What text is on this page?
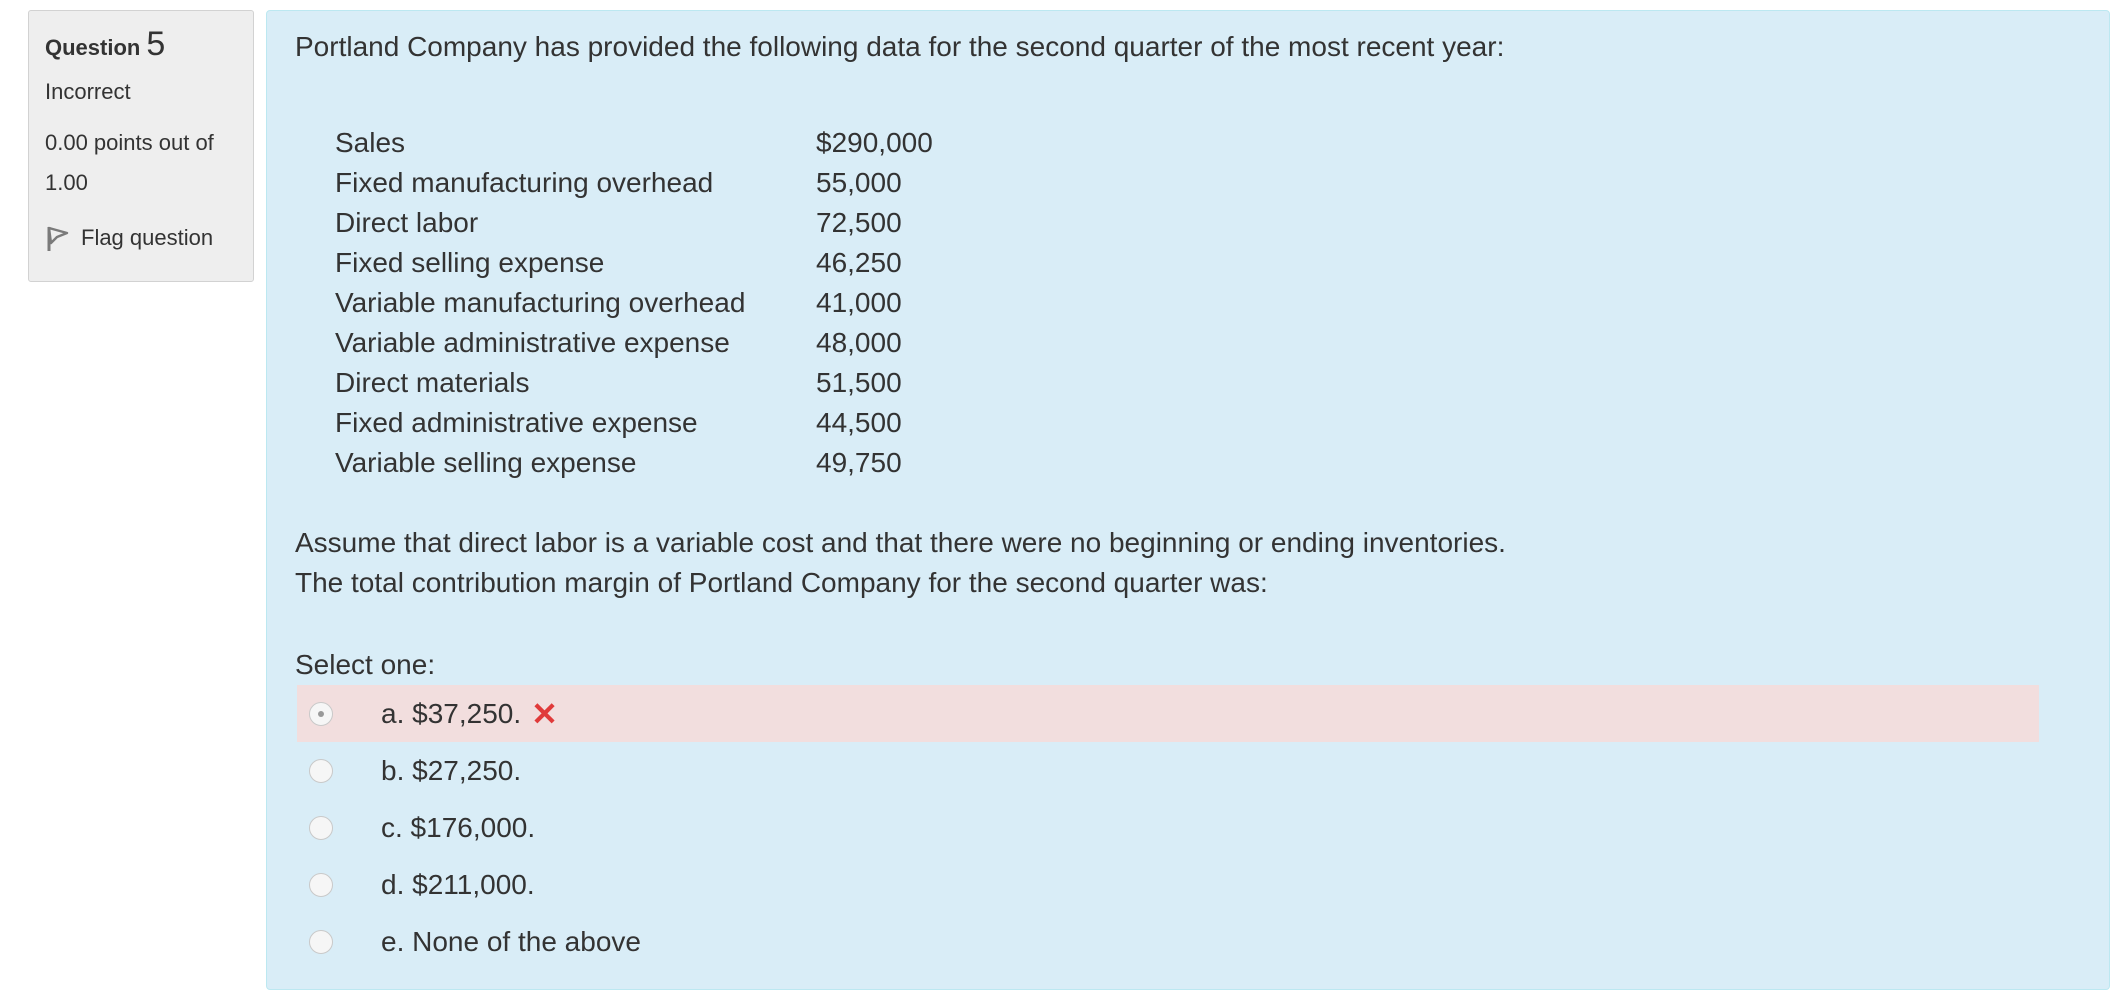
Question 5
Incorrect
0.00 points out of 1.00
Flag question
Portland Company has provided the following data for the second quarter of the most recent year:
Sales	$290,000
Fixed manufacturing overhead	55,000
Direct labor	72,500
Fixed selling expense	46,250
Variable manufacturing overhead	41,000
Variable administrative expense	48,000
Direct materials	51,500
Fixed administrative expense	44,500
Variable selling expense	49,750
Assume that direct labor is a variable cost and that there were no beginning or ending inventories.
The total contribution margin of Portland Company for the second quarter was:
Select one:
a. $37,250. ✕
b. $27,250.
c. $176,000.
d. $211,000.
e. None of the above
